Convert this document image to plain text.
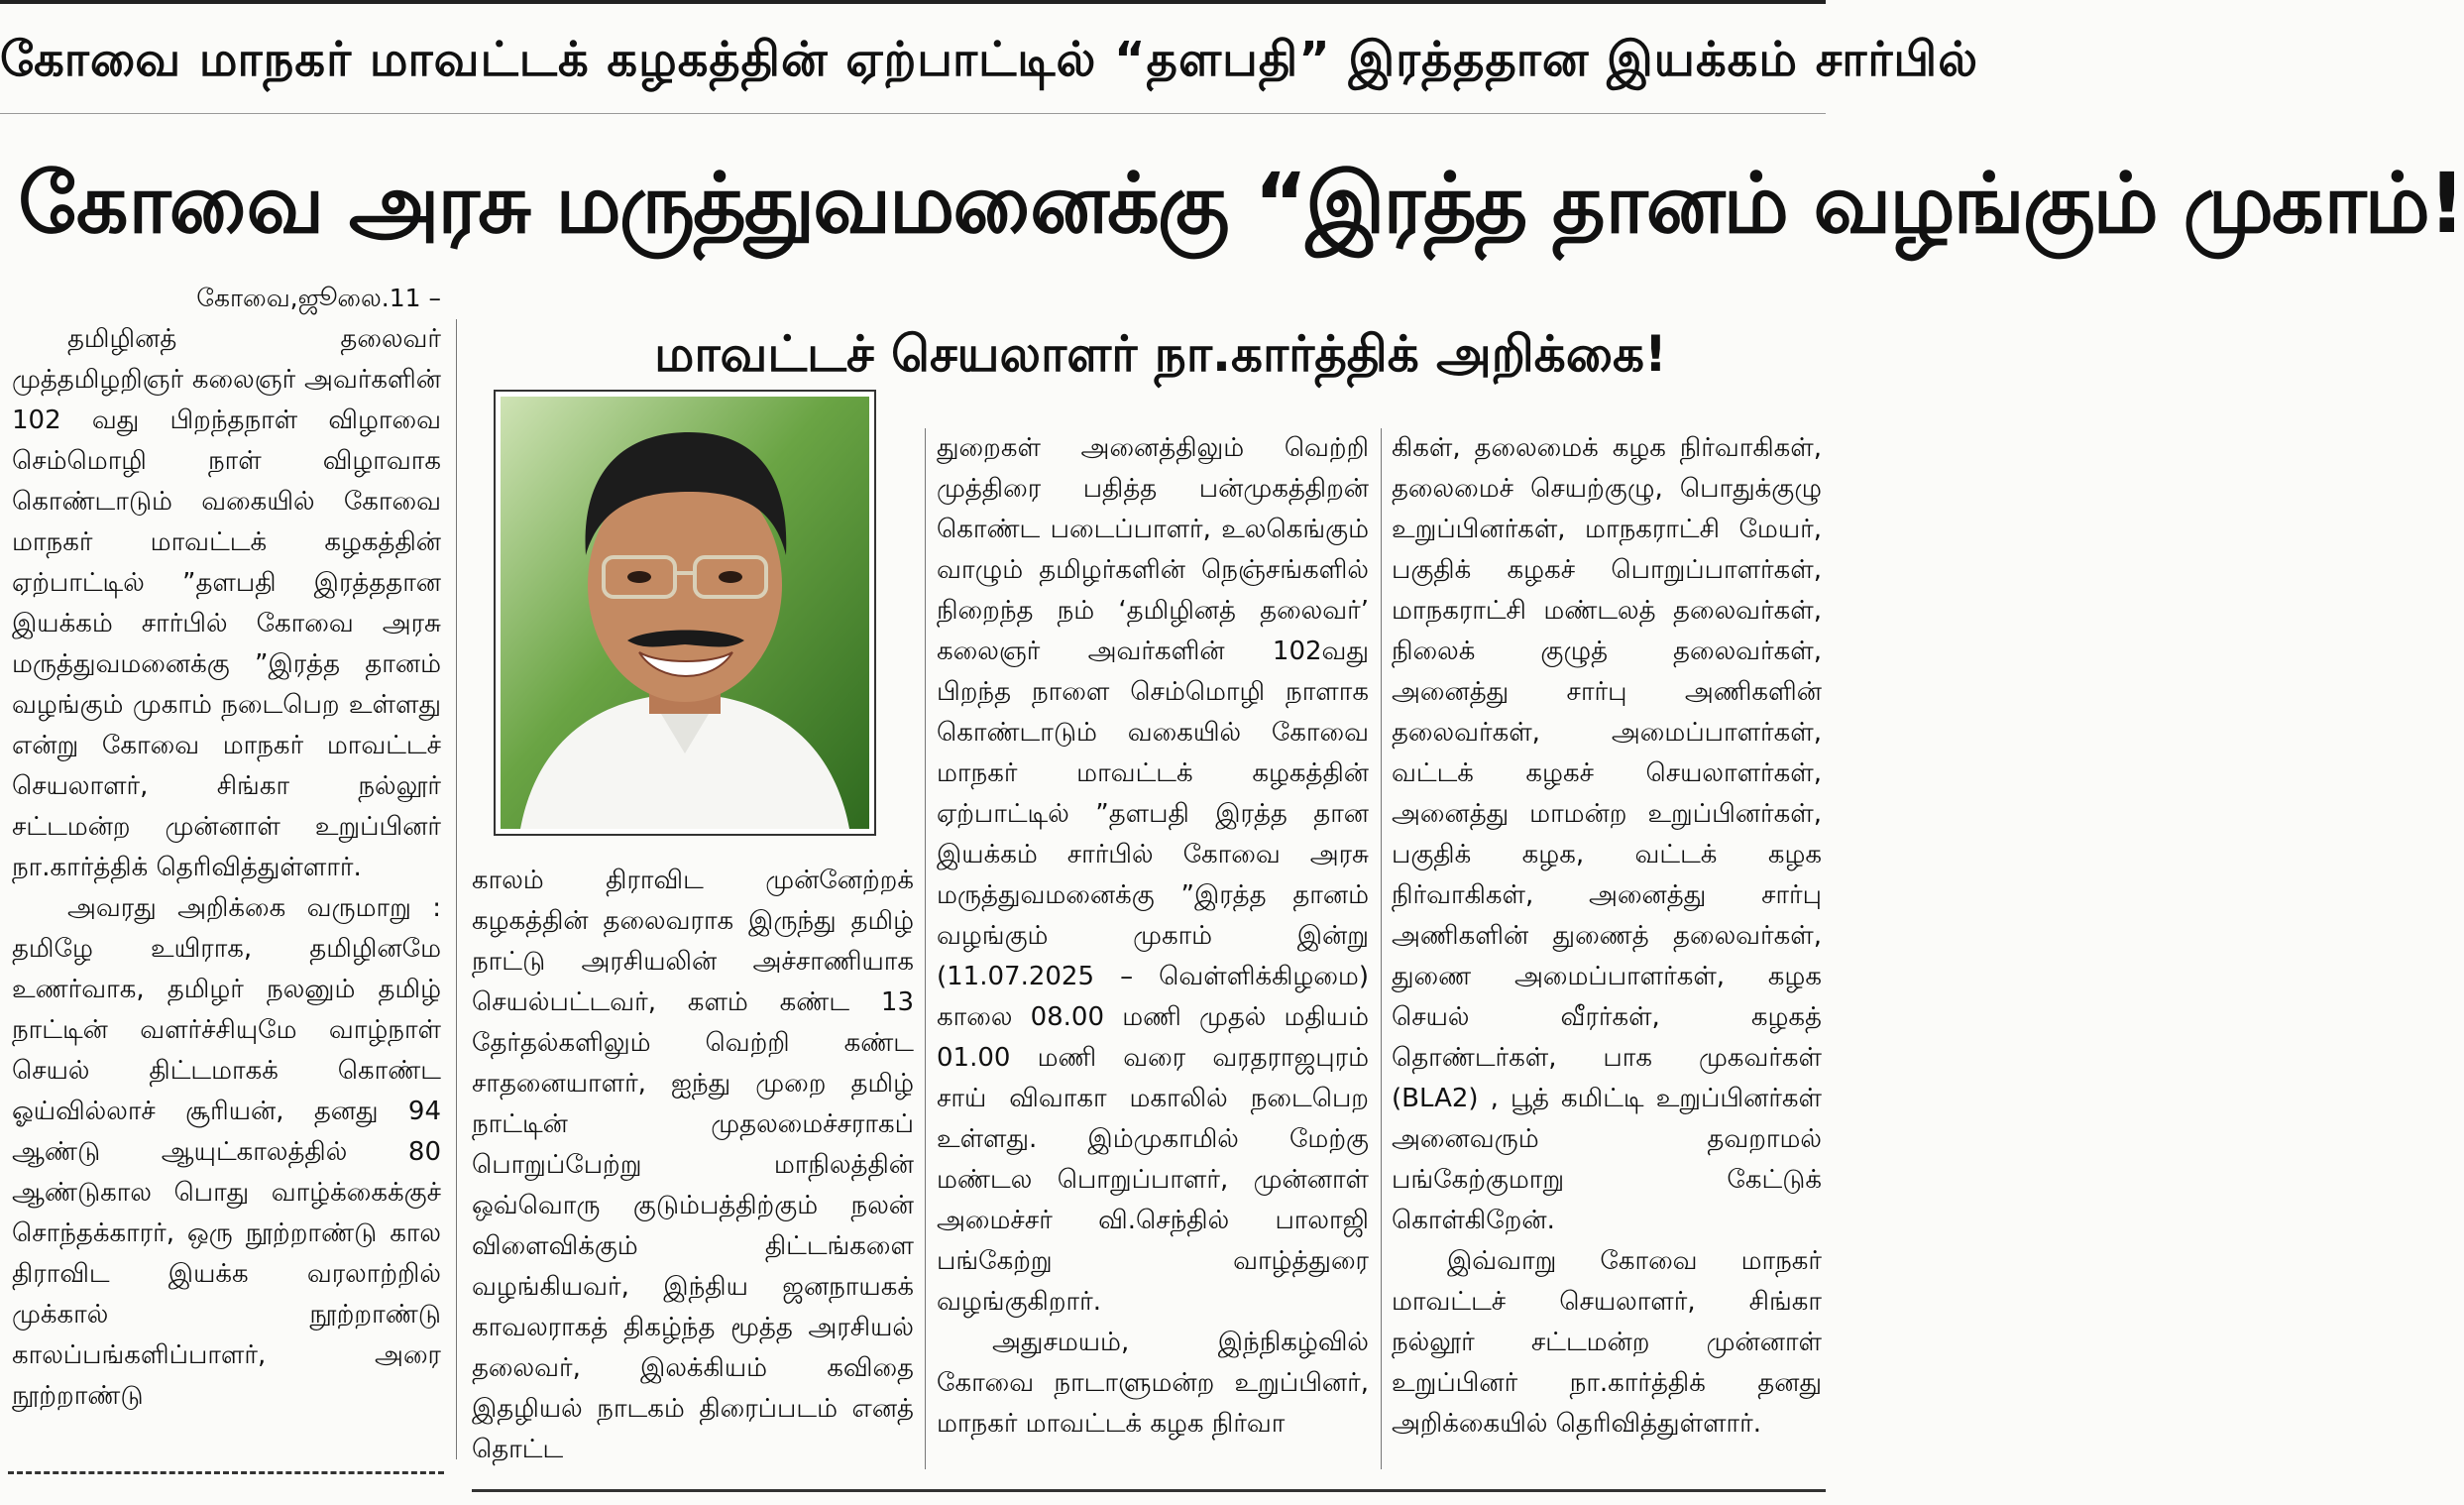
கோவை மாநகர் மாவட்டக் கழகத்தின் ஏற்பாட்டில் “தளபதி” இரத்ததான இயக்கம் சார்பில்
கோவை அரசு மருத்துவமனைக்கு “இரத்த தானம் வழங்கும் முகாம்!
கோவை,ஜூலை.11 –
மாவட்டச் செயலாளர் நா.கார்த்திக் அறிக்கை!

தமிழினத் தலைவர் முத்தமிழறிஞர் கலைஞர் அவர்களின் 102 வது பிறந்தநாள் விழாவை செம்மொழி நாள் விழாவாக கொண்டாடும் வகையில் கோவை மாநகர் மாவட்டக் கழகத்தின் ஏற்பாட்டில் ”தளபதி இரத்ததான இயக்கம் சார்பில் கோவை அரசு மருத்துவமனைக்கு ”இரத்த தானம் வழங்கும் முகாம் நடைபெற உள்ளது என்று கோவை மாநகர் மாவட்டச் செயலாளர், சிங்கா நல்லூர் சட்டமன்ற முன்னாள் உறுப்பினர் நா.கார்த்திக் தெரிவித்துள்ளார்.

அவரது அறிக்கை வருமாறு : தமிழே உயிராக, தமிழினமே உணர்வாக, தமிழர் நலனும் தமிழ் நாட்டின் வளர்ச்சியுமே வாழ்நாள் செயல் திட்டமாகக் கொண்ட ஓய்வில்லாச் சூரியன், தனது 94 ஆண்டு ஆயுட்காலத்தில் 80 ஆண்டுகால பொது வாழ்க்கைக்குச் சொந்தக்காரர், ஒரு நூற்றாண்டு கால திராவிட இயக்க வரலாற்றில் முக்கால் நூற்றாண்டு காலப்பங்களிப்பாளர், அரை நூற்றாண்டு

காலம் திராவிட முன்னேற்றக் கழகத்தின் தலைவராக இருந்து தமிழ் நாட்டு அரசியலின் அச்சாணியாக செயல்பட்டவர், களம் கண்ட 13 தேர்தல்களிலும் வெற்றி கண்ட சாதனையாளர், ஐந்து முறை தமிழ் நாட்டின் முதலமைச்சராகப் பொறுப்பேற்று மாநிலத்தின் ஒவ்வொரு குடும்பத்திற்கும் நலன் விளைவிக்கும் திட்டங்களை வழங்கியவர், இந்திய ஜனநாயகக் காவலராகத் திகழ்ந்த மூத்த அரசியல் தலைவர், இலக்கியம் கவிதை இதழியல் நாடகம் திரைப்படம் எனத் தொட்ட

துறைகள் அனைத்திலும் வெற்றி முத்திரை பதித்த பன்முகத்திறன் கொண்ட படைப்பாளர், உலகெங்கும் வாழும் தமிழர்களின் நெஞ்சங்களில் நிறைந்த நம் ‘தமிழினத் தலைவர்’ கலைஞர் அவர்களின் 102வது பிறந்த நாளை செம்மொழி நாளாக கொண்டாடும் வகையில் கோவை மாநகர் மாவட்டக் கழகத்தின் ஏற்பாட்டில் ”தளபதி இரத்த தான இயக்கம் சார்பில் கோவை அரசு மருத்துவமனைக்கு ”இரத்த தானம் வழங்கும் முகாம் இன்று (11.07.2025 – வெள்ளிக்கிழமை) காலை 08.00 மணி முதல் மதியம் 01.00 மணி வரை வரதராஜபுரம் சாய் விவாகா மகாலில் நடைபெற உள்ளது. இம்முகாமில் மேற்கு மண்டல பொறுப்பாளர், முன்னாள் அமைச்சர் வி.செந்தில் பாலாஜி பங்கேற்று வாழ்த்துரை வழங்குகிறார்.

அதுசமயம், இந்நிகழ்வில் கோவை நாடாளுமன்ற உறுப்பினர், மாநகர் மாவட்டக் கழக நிர்வா

கிகள், தலைமைக் கழக நிர்வாகிகள், தலைமைச் செயற்குழு, பொதுக்குழு உறுப்பினர்கள், மாநகராட்சி மேயர், பகுதிக் கழகச் பொறுப்பாளர்கள், மாநகராட்சி மண்டலத் தலைவர்கள், நிலைக் குழுத் தலைவர்கள், அனைத்து சார்பு அணிகளின் தலைவர்கள், அமைப்பாளர்கள், வட்டக் கழகச் செயலாளர்கள், அனைத்து மாமன்ற உறுப்பினர்கள், பகுதிக் கழக, வட்டக் கழக நிர்வாகிகள், அனைத்து சார்பு அணிகளின் துணைத் தலைவர்கள், துணை அமைப்பாளர்கள், கழக செயல் வீரர்கள், கழகத் தொண்டர்கள், பாக முகவர்கள் (BLA2) , பூத் கமிட்டி உறுப்பினர்கள் அனைவரும் தவறாமல் பங்கேற்குமாறு கேட்டுக் கொள்கிறேன்.

இவ்வாறு கோவை மாநகர் மாவட்டச் செயலாளர், சிங்கா நல்லூர் சட்டமன்ற முன்னாள் உறுப்பினர் நா.கார்த்திக் தனது அறிக்கையில் தெரிவித்துள்ளார்.
